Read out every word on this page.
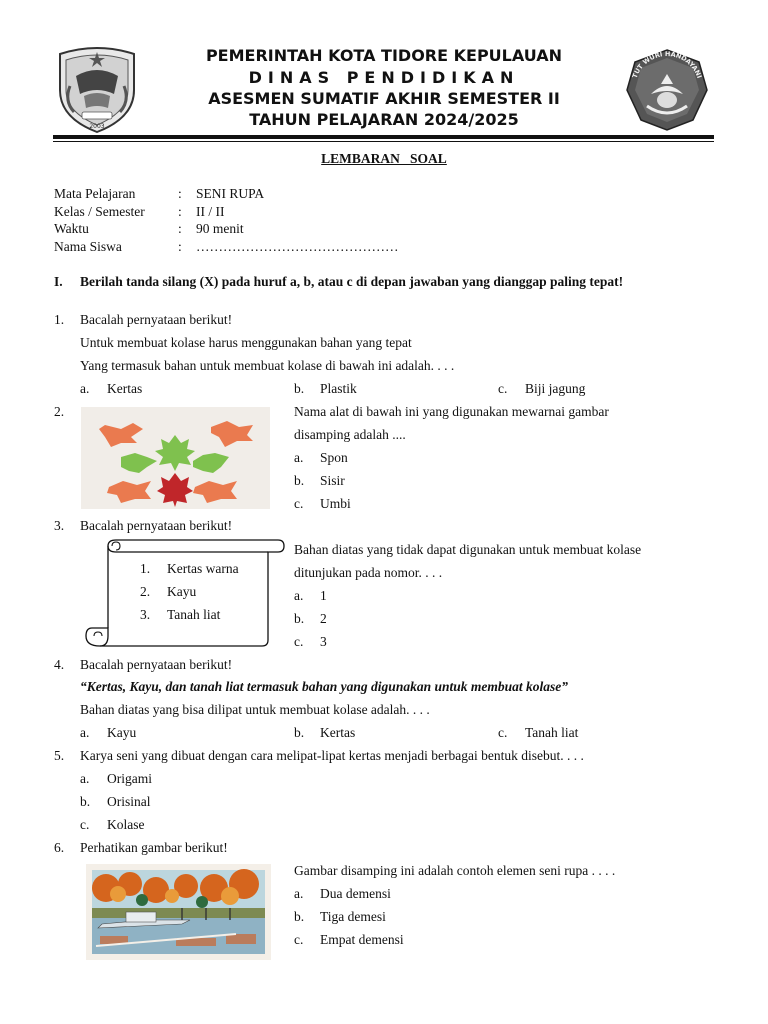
2003
TUT WURI HANDAYANI
PEMERINTAH KOTA TIDORE KEPULAUAN
DINAS PENDIDIKAN
ASESMEN SUMATIF AKHIR SEMESTER II
TAHUN PELAJARAN 2024/2025
LEMBARAN   SOAL
Mata Pelajaran	: SENI RUPA
Kelas / Semester : II / II
Waktu	: 90 menit
Nama Siswa	: ………………………………………
I. Berilah tanda silang (X) pada huruf a, b, atau c di depan jawaban yang dianggap paling tepat!
1. Bacalah pernyataan berikut!
Untuk membuat kolase harus menggunakan bahan yang tepat
Yang termasuk bahan untuk membuat kolase di bawah ini adalah. . . .
a. Kertas	b. Plastik	c. Biji jagung
2.	Nama alat di bawah ini yang digunakan mewarnai gambar
disamping adalah ....
a. Spon
b. Sisir
c. Umbi
3. Bacalah pernyataan berikut!
1. Kertas warna
2. Kayu
3. Tanah liat
Bahan diatas yang tidak dapat digunakan untuk membuat kolase
ditunjukan pada nomor. . . .
a. 1
b. 2
c. 3
4. Bacalah pernyataan berikut!
“Kertas, Kayu, dan tanah liat termasuk bahan yang digunakan untuk membuat kolase”
Bahan diatas yang bisa dilipat untuk membuat kolase adalah. . . .
a. Kayu	b. Kertas	c. Tanah liat
5. Karya seni yang dibuat dengan cara melipat-lipat kertas menjadi berbagai bentuk disebut. . . .
a. Origami
b. Orisinal
c. Kolase
6. Perhatikan gambar berikut!
Gambar disamping ini adalah contoh elemen seni rupa . . . .
a. Dua demensi
b. Tiga demesi
c. Empat demensi
